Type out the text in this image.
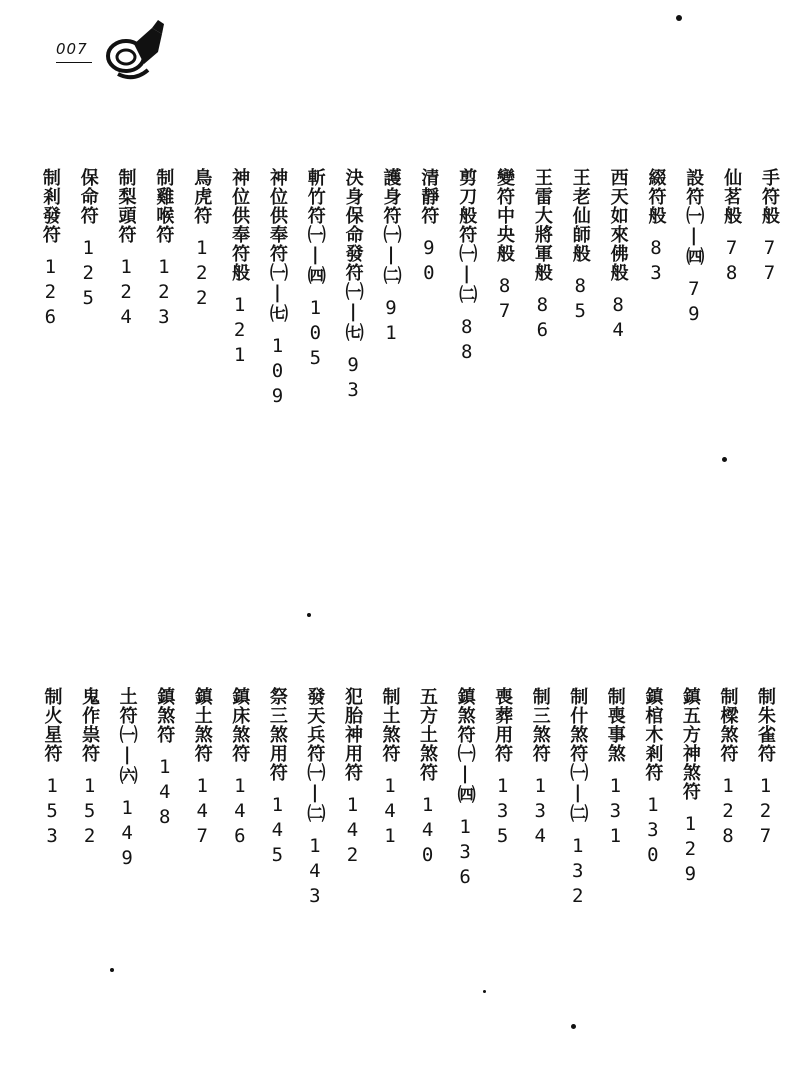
007
手符般
77
仙茗般
78
設符㈠|㈣
79
綴符般
83
西天如來佛般
84
王老仙師般
85
王雷大將軍般
86
變符中央般
87
剪刀般符㈠|㈡
88
清靜符
90
護身符㈠|㈡
91
決身保命發符㈠|㈦
93
斬竹符㈠|㈣
105
神位供奉符㈠|㈦
109
神位供奉符般
121
鳥虎符
122
制雞喉符
123
制梨頭符
124
保命符
125
制剎發符
126
制朱雀符
127
制樑煞符
128
鎮五方神煞符
129
鎮棺木剎符
130
制喪事煞
131
制什煞符㈠|㈡
132
制三煞符
134
喪葬用符
135
鎮煞符㈠|㈣
136
五方土煞符
140
制土煞符
141
犯胎神用符
142
發天兵符㈠|㈡
143
祭三煞用符
145
鎮床煞符
146
鎮土煞符
147
鎮煞符
148
土符㈠|㈥
149
鬼作祟符
152
制火星符
153
